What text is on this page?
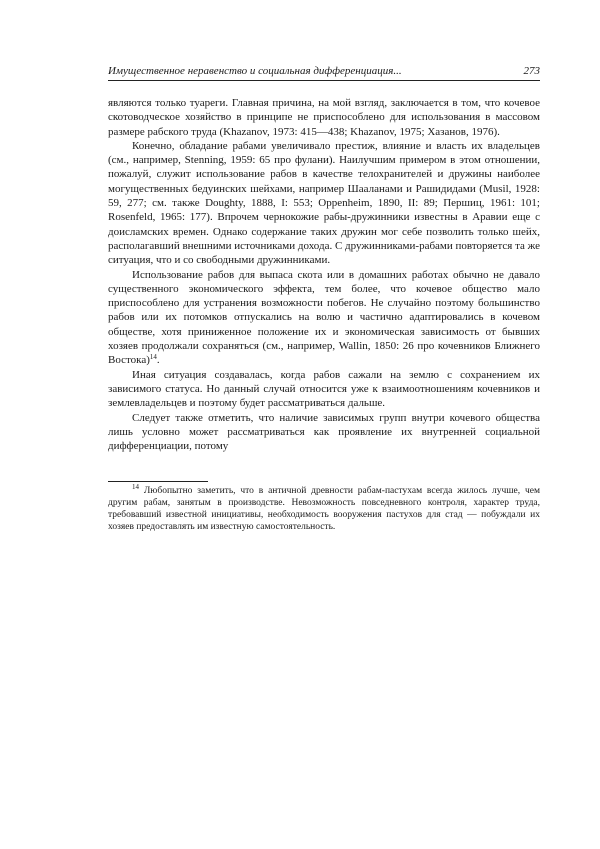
Имущественное неравенство и социальная дифференциация...	273

являются только туареги. Главная причина, на мой взгляд, заключается в том, что кочевое скотоводческое хозяйство в принципе не приспособлено для использования в массовом размере рабского труда (Khazanov, 1973: 415—438; Khazanov, 1975; Хазанов, 1976).

Конечно, обладание рабами увеличивало престиж, влияние и власть их владельцев (см., например, Stenning, 1959: 65 про фулани). Наилучшим примером в этом отношении, пожалуй, служит использование рабов в качестве телохранителей и дружины наиболее могущественных бедуинских шейхами, например Шааланами и Рашидидами (Musil, 1928: 59, 277; см. также Doughty, 1888, I: 553; Oppenheim, 1890, II: 89; Першиц, 1961: 101; Rosenfeld, 1965: 177). Впрочем чернокожие рабы-дружинники известны в Аравии еще с доисламских времен. Однако содержание таких дружин мог себе позволить только шейх, располагавший внешними источниками дохода. С дружинниками-рабами повторяется та же ситуация, что и со свободными дружинниками.

Использование рабов для выпаса скота или в домашних работах обычно не давало существенного экономического эффекта, тем более, что кочевое общество мало приспособлено для устранения возможности побегов. Не случайно поэтому большинство рабов или их потомков отпускались на волю и частично адаптировались в кочевом обществе, хотя приниженное положение их и экономическая зависимость от бывших хозяев продолжали сохраняться (см., например, Wallin, 1850: 26 про кочевников Ближнего Востока)$^{14}$.

Иная ситуация создавалась, когда рабов сажали на землю с сохранением их зависимого статуса. Но данный случай относится уже к взаимоотношениям кочевников и землевладельцев и поэтому будет рассматриваться дальше.

Следует также отметить, что наличие зависимых групп внутри кочевого общества лишь условно может рассматриваться как проявление их внутренней социальной дифференциации, потому

$^{14}$ Любопытно заметить, что в античной древности рабам-пастухам всегда жилось лучше, чем другим рабам, занятым в производстве. Невозможность повседневного контроля, характер труда, требовавший известной инициативы, необходимость вооружения пастухов для стад — побуждали их хозяев предоставлять им известную самостоятельность.
